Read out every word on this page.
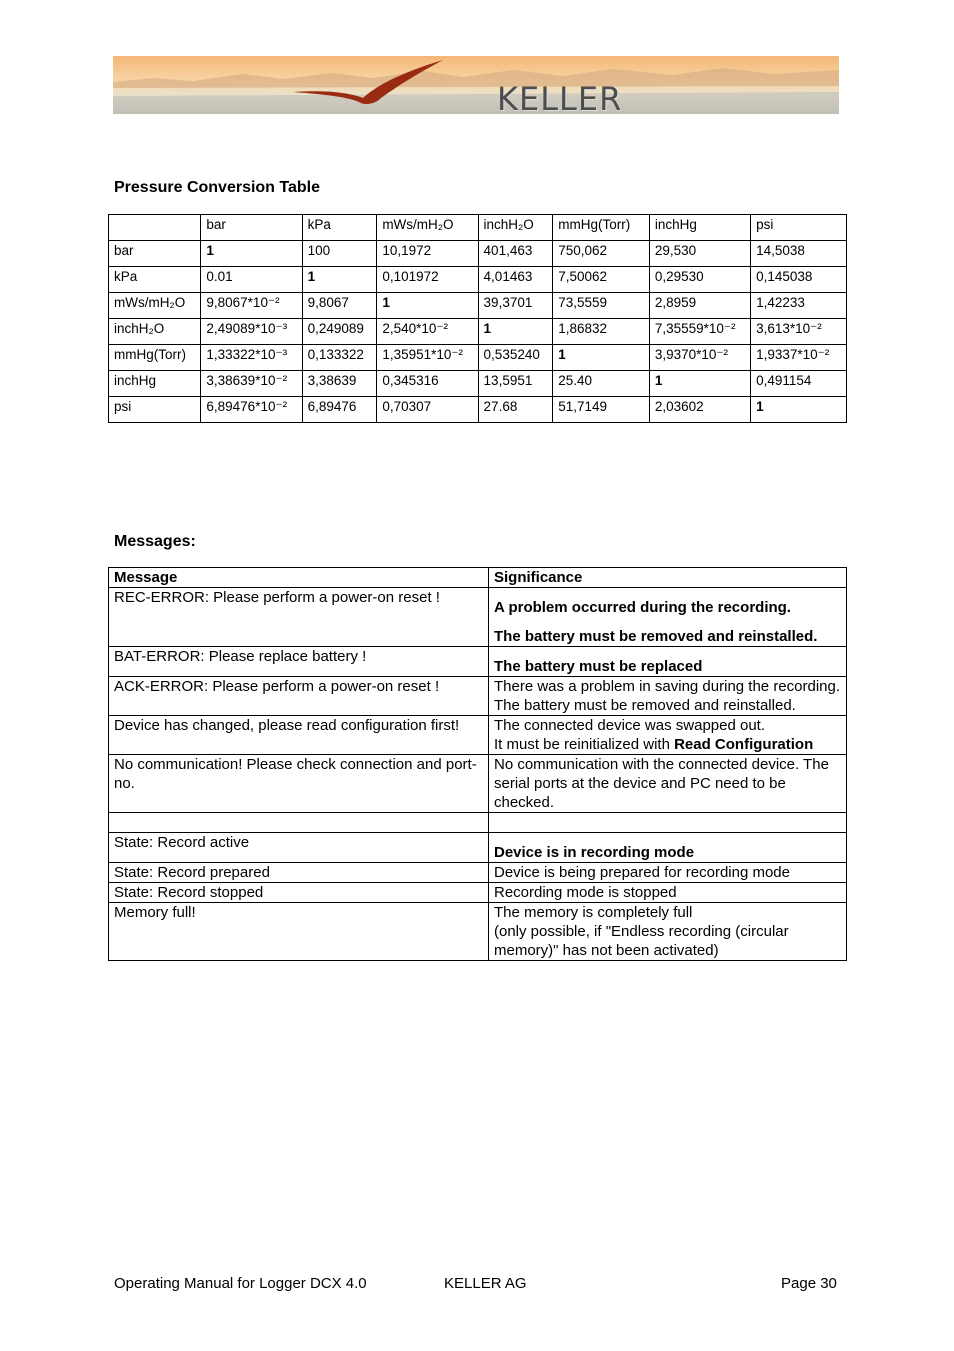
KELLER
Pressure Conversion Table
	bar	kPa	mWs/mH₂O	inchH₂O	mmHg(Torr)	inchHg	psi
bar	1	100	10,1972	401,463	750,062	29,530	14,5038
kPa	0.01	1	0,101972	4,01463	7,50062	0,29530	0,145038
mWs/mH₂O	9,8067*10⁻²	9,8067	1	39,3701	73,5559	2,8959	1,42233
inchH₂O	2,49089*10⁻³	0,249089	2,540*10⁻²	1	1,86832	7,35559*10⁻²	3,613*10⁻²
mmHg(Torr)	1,33322*10⁻³	0,133322	1,35951*10⁻²	0,535240	1	3,9370*10⁻²	1,9337*10⁻²
inchHg	3,38639*10⁻²	3,38639	0,345316	13,5951	25.40	1	0,491154
psi	6,89476*10⁻²	6,89476	0,70307	27.68	51,7149	2,03602	1
Messages:
Message	Significance
REC-ERROR: Please perform a power-on reset !	A problem occurred during the recording.
The battery must be removed and reinstalled.
BAT-ERROR: Please replace battery !	The battery must be replaced
ACK-ERROR: Please perform a power-on reset !	There was a problem in saving during the recording. The battery must be removed and reinstalled.
Device has changed, please read configuration first!	The connected device was swapped out.
It must be reinitialized with Read Configuration
No communication! Please check connection and port-no.	No communication with the connected device. The serial ports at the device and PC need to be checked.

State: Record active	Device is in recording mode
State: Record prepared	Device is being prepared for recording mode
State: Record stopped	Recording mode is stopped
Memory full!	The memory is completely full
(only possible, if "Endless recording (circular memory)" has not been activated)
Operating Manual for Logger DCX 4.0	KELLER AG	Page 30
